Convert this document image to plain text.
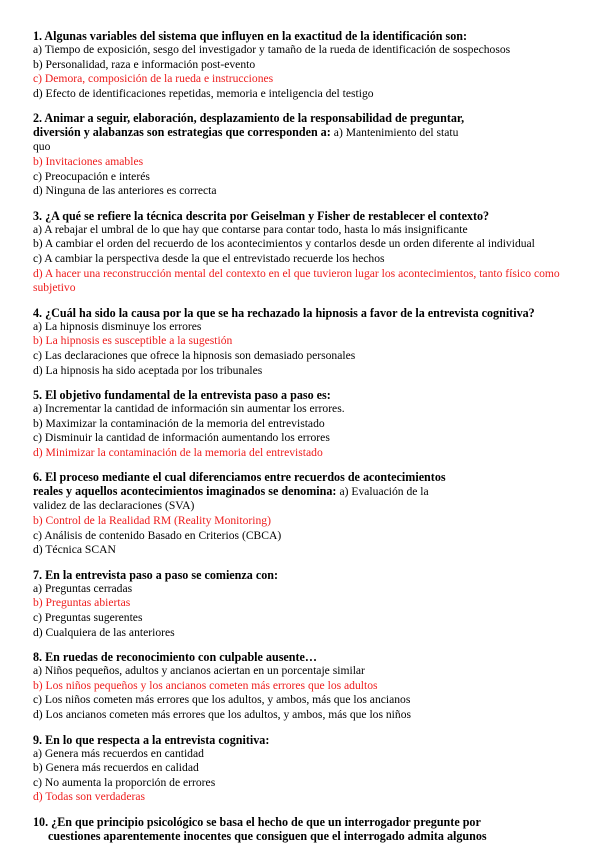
1. Algunas variables del sistema que influyen en la exactitud de la identificación son:
a) Tiempo de exposición, sesgo del investigador y tamaño de la rueda de identificación de sospechosos
b) Personalidad, raza e información post-evento
c) Demora, composición de la rueda e instrucciones
d) Efecto de identificaciones repetidas, memoria e inteligencia del testigo
2. Animar a seguir, elaboración, desplazamiento de la responsabilidad de preguntar,
diversión y alabanzas son estrategias que corresponden a: a) Mantenimiento del statu
quo
b) Invitaciones amables
c) Preocupación e interés
d) Ninguna de las anteriores es correcta
3. ¿A qué se refiere la técnica descrita por Geiselman y Fisher de restablecer el contexto?
a) A rebajar el umbral de lo que hay que contarse para contar todo, hasta lo más insignificante
b) A cambiar el orden del recuerdo de los acontecimientos y contarlos desde un orden diferente al individual
c) A cambiar la perspectiva desde la que el entrevistado recuerde los hechos
d) A hacer una reconstrucción mental del contexto en el que tuvieron lugar los acontecimientos, tanto físico como subjetivo
4. ¿Cuál ha sido la causa por la que se ha rechazado la hipnosis a favor de la entrevista cognitiva?
a) La hipnosis disminuye los errores
b) La hipnosis es susceptible a la sugestión
c) Las declaraciones que ofrece la hipnosis son demasiado personales
d) La hipnosis ha sido aceptada por los tribunales
5. El objetivo fundamental de la entrevista paso a paso es:
a) Incrementar la cantidad de información sin aumentar los errores.
b) Maximizar la contaminación de la memoria del entrevistado
c) Disminuir la cantidad de información aumentando los errores
d) Minimizar la contaminación de la memoria del entrevistado
6. El proceso mediante el cual diferenciamos entre recuerdos de acontecimientos
reales y aquellos acontecimientos imaginados se denomina: a) Evaluación de la
validez de las declaraciones (SVA)
b) Control de la Realidad RM (Reality Monitoring)
c) Análisis de contenido Basado en Criterios (CBCA)
d) Técnica SCAN
7. En la entrevista paso a paso se comienza con:
a) Preguntas cerradas
b) Preguntas abiertas
c) Preguntas sugerentes
d) Cualquiera de las anteriores
8. En ruedas de reconocimiento con culpable ausente…
a) Niños pequeños, adultos y ancianos aciertan en un porcentaje similar
b) Los niños pequeños y los ancianos cometen más errores que los adultos
c) Los niños cometen más errores que los adultos, y ambos, más que los ancianos
d) Los ancianos cometen más errores que los adultos, y ambos, más que los niños
9. En lo que respecta a la entrevista cognitiva:
a) Genera más recuerdos en cantidad
b) Genera más recuerdos en calidad
c) No aumenta la proporción de errores
d) Todas son verdaderas
10. ¿En que principio psicológico se basa el hecho de que un interrogador pregunte por
cuestiones aparentemente inocentes que consiguen que el interrogado admita algunos
